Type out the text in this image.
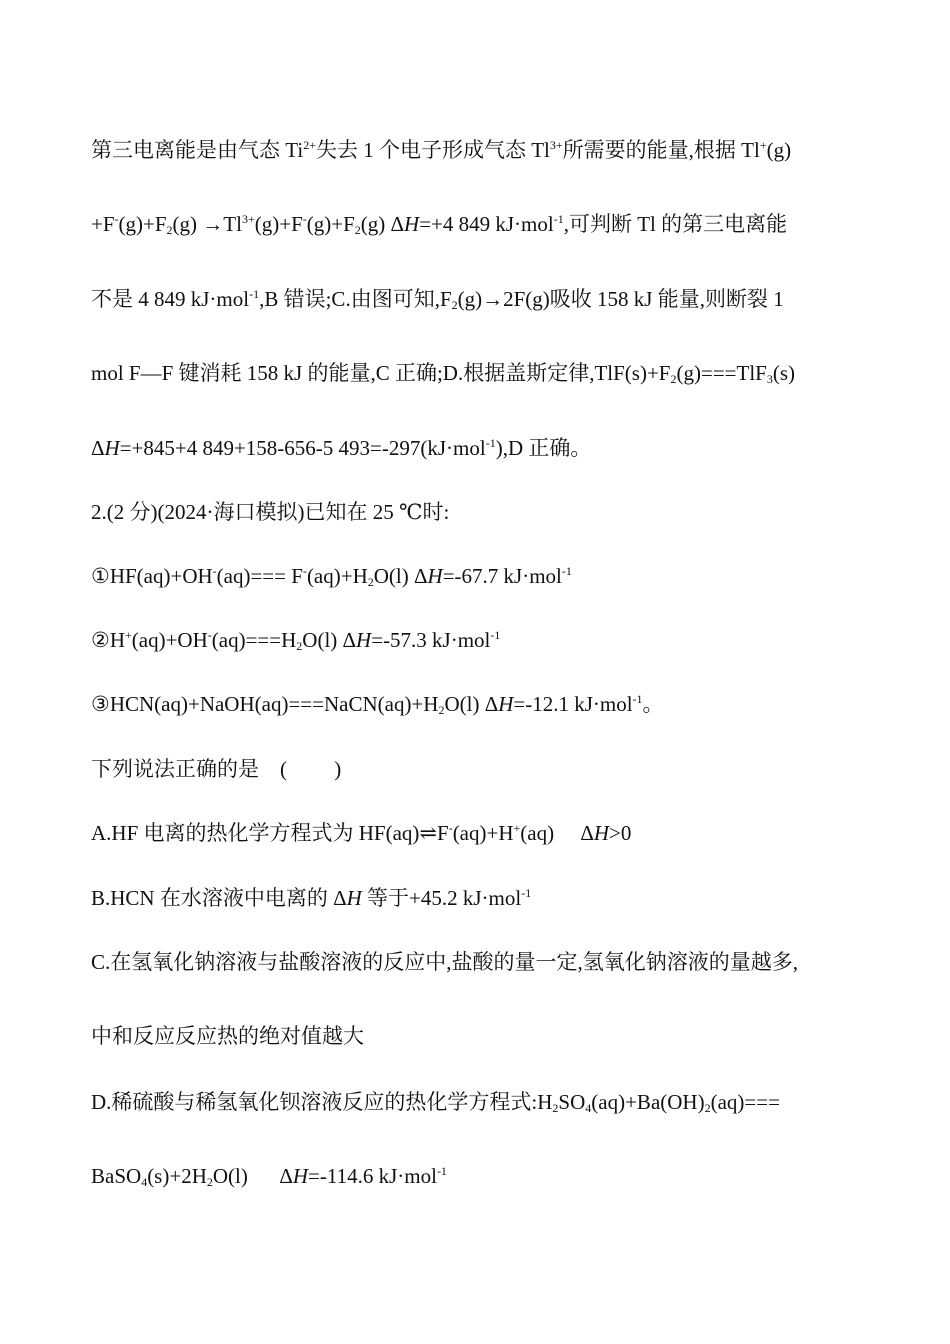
第三电离能是由气态 $Ti^{2+}$失去 1 个电子形成气态 $Tl^{3+}$所需要的能量,根据 Tl+(g)
$+F^-(g)+F_2(g) \to Tl^{3+}(g)+F^-(g)+F_2(g)$ ΔH=+4 849 kJ·mol$^{-1}$,可判断 Tl 的第三电离能
不是 4 849 kJ·mol$^{-1}$,B 错误;C.由图可知$,F_2(g)\to 2F(g)$吸收 158 kJ 能量,则断裂 1
mol F—F 键消耗 158 kJ 的能量,C 正确;D.根据盖斯定律$,TlF(s)+F_2(g)===TlF_3(s)$
ΔH=+845+4 849+158-656-5 493=-297(kJ·mol$^{-1}$),D 正确。
2.(2 分)(2024·海口模拟)已知在 25 ℃时:
①HF(aq)+OH-(aq)=== $F^-(aq)+H_2O(l)$ ΔH=-67.7 kJ·mol$^{-1}$
$②H^+(aq)+OH^-(aq)===H_2O(l)$ ΔH=-57.3 kJ·mol$^{-1}$
$③HCN(aq)+NaOH(aq)===NaCN(aq)+H_2O(l)$ ΔH=-12.1 kJ·mol$^{-1}$。
下列说法正确的是    (         )
A.HF 电离的热化学方程式为 HF(aq)⇌F-(aq)+H+(aq)     ΔH>0
B.HCN 在水溶液中电离的 ΔH 等于+45.2 kJ·mol$^{-1}$
C.在氢氧化钠溶液与盐酸溶液的反应中,盐酸的量一定,氢氧化钠溶液的量越多,
中和反应反应热的绝对值越大
D.稀硫酸与稀氢氧化钡溶液反应的热化学方程式$:H_2SO_4(aq)+Ba(OH)_2(aq)===$
$BaSO_4(s)+2H_2O(l)$      ΔH=-114.6 kJ·mol$^{-1}$
